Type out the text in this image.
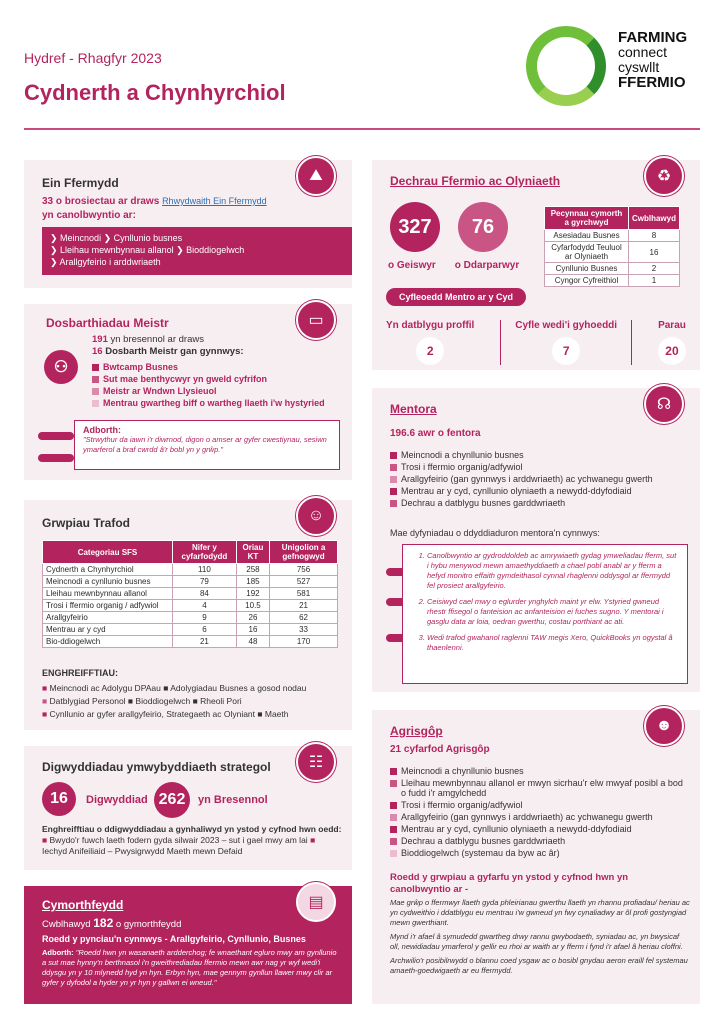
Hydref - Rhagfyr 2023
Cydnerth a Chynhyrchiol
FARMING
connect
cyswllt
FFERMIO
⛰
Ein Ffermydd
33 o brosiectau ar draws Rhwydwaith Ein Ffermydd
yn canolbwyntio ar:
❯ Meincnodi ❯ Cynllunio busnes
❯ Lleihau mewnbynnau allanol ❯ Bioddiogelwch
❯ Arallgyfeirio i arddwriaeth
▭
Dosbarthiadau Meistr
⚇
191 yn bresennol ar draws
16 Dosbarth Meistr gan gynnwys:
Bwtcamp Busnes
Sut mae benthycwyr yn gweld cyfrifon
Meistr ar Wndwn Llysieuol
Mentrau gwartheg biff o wartheg llaeth i'w hystyried
Adborth:
"Strwythur da iawn i'r diwrnod, digon o amser ar gyfer cwestiynau, sesiwn ymarferol a braf cwrdd â'r bobl yn y grŵp."
☺
Grwpiau Trafod
Categoriau SFS	Nifer y cyfarfodydd	Oriau KT	Unigolion a gefnogwyd
Cydnerth a Chynhyrchiol	110	258	756
Meincnodi a cynllunio busnes	79	185	527
Lleihau mewnbynnau allanol	84	192	581
Trosi i ffermio organig / adfywiol	4	10.5	21
Arallgyfeirio	9	26	62
Mentrau ar y cyd	6	16	33
Bio-ddiogelwch	21	48	170
ENGHREIFFTIAU:
■ Meincnodi ac Adolygu DPAau ■ Adolygiadau Busnes a gosod nodau
■ Datblygiad Personol ■ Bioddiogelwch ■ Rheoli Pori
■ Cynllunio ar gyfer arallgyfeirio, Strategaeth ac Olyniant ■ Maeth
☷
Digwyddiadau ymwybyddiaeth strategol
16	Digwyddiad 262	yn Bresennol
Enghreifftiau o ddigwyddiadau a gynhaliwyd yn ystod y cyfnod hwn oedd: ■ Bwydo'r fuwch laeth fodern gyda silwair 2023 – sut i gael mwy am lai ■ Iechyd Anifeiliaid – Pwysigrwydd Maeth mewn Defaid
▤
Cymorthfeydd
Cwblhawyd 182 o gymorthfeydd
Roedd y pynciau'n cynnwys - Arallgyfeirio, Cynllunio, Busnes
Adborth: "Roedd hwn yn wasanaeth ardderchog; fe wnaethant egluro mwy am gynllunio a sut mae hynny'n berthnasol i'n gweithrediadau ffermio mewn awr nag yr wyf wedi'i ddysgu yn y 10 mlynedd hyd yn hyn. Erbyn hyn, mae gennym gynllun llawer mwy clir ar gyfer y dyfodol a hyder yn yr hyn y gallwn ei wneud."
♻
Dechrau Ffermio ac Olyniaeth
327
o Geiswyr
76
o Ddarparwyr
Cyfleoedd Mentro ar y Cyd
Pecynnau cymorth a gyrchwyd	Cwblhawyd
Asesiadau Busnes	8
Cyfarfodydd Teuluol ar Olyniaeth	16
Cynllunio Busnes	2
Cyngor Cyfreithiol	1
Yn datblygu proffil
2
Cyfle wedi'i gyhoeddi
7
Parau
20
☊
Mentora
196.6 awr o fentora
Meincnodi a chynllunio busnes
Trosi i ffermio organig/adfywiol
Arallgyfeirio (gan gynnwys i arddwriaeth) ac ychwanegu gwerth
Mentrau ar y cyd, cynllunio olyniaeth a newydd-ddyfodiaid
Dechrau a datblygu busnes garddwriaeth
Mae dyfyniadau o ddyddiaduron mentora'n cynnwys:
1. Canolbwyntio ar gydroddoldeb ac amrywiaeth gydag ymweliadau fferm, sut i hybu menywod mewn amaethyddiaeth a chael pobl anabl ar y fferm a hefyd monitro effaith gymdeithasol cynnal rhaglenni oddysgol ar ffermydd fel prosiect arallgyfeirio.
2. Ceisiwyd cael mwy o eglurder ynghylch maint yr elw. Ystyried gwneud rhestr ffisegol o fanteision ac anfanteision ei fuches sugno. Y mentorai i gasglu data ar loia, oedran gwerthu, costau porthiant ac ati.
3. Wedi trafod gwahanol raglenni TAW megis Xero, QuickBooks yn ogystal â thaenlenni.
☻
Agrisgôp
21 cyfarfod Agrisgôp
Meincnodi a chynllunio busnes
Lleihau mewnbynnau allanol er mwyn sicrhau'r elw mwyaf posibl a bod o fudd i'r amgylchedd
Trosi i ffermio organig/adfywiol
Arallgyfeirio (gan gynnwys i arddwriaeth) ac ychwanegu gwerth
Mentrau ar y cyd, cynllunio olyniaeth a newydd-ddyfodiaid
Dechrau a datblygu busnes garddwriaeth
Bioddiogelwch (systemau da byw ac âr)
Roedd y grwpiau a gyfarfu yn ystod y cyfnod hwn yn canolbwyntio ar -

Mae grŵp o ffermwyr llaeth gyda phleirianau gwerthu llaeth yn rhannu profiadau/ heriau ac yn cydweithio i ddatblygu eu mentrau i'w gwneud yn fwy cynaliadwy ar ôl profi gostyngiad mewn gwerthiant.

Mynd i'r afael â symudedd gwartheg drwy rannu gwybodaeth, syniadau ac, yn bwysicaf oll, newidiadau ymarferol y gellir eu rhoi ar waith ar y fferm i fynd i'r afael â heriau cloffni.

Archwilio'r posibilrwydd o blannu coed ysgaw ac o bosibl gnydau aeron eraill fel systemau amaeth-goedwigaeth ar eu ffermydd.
